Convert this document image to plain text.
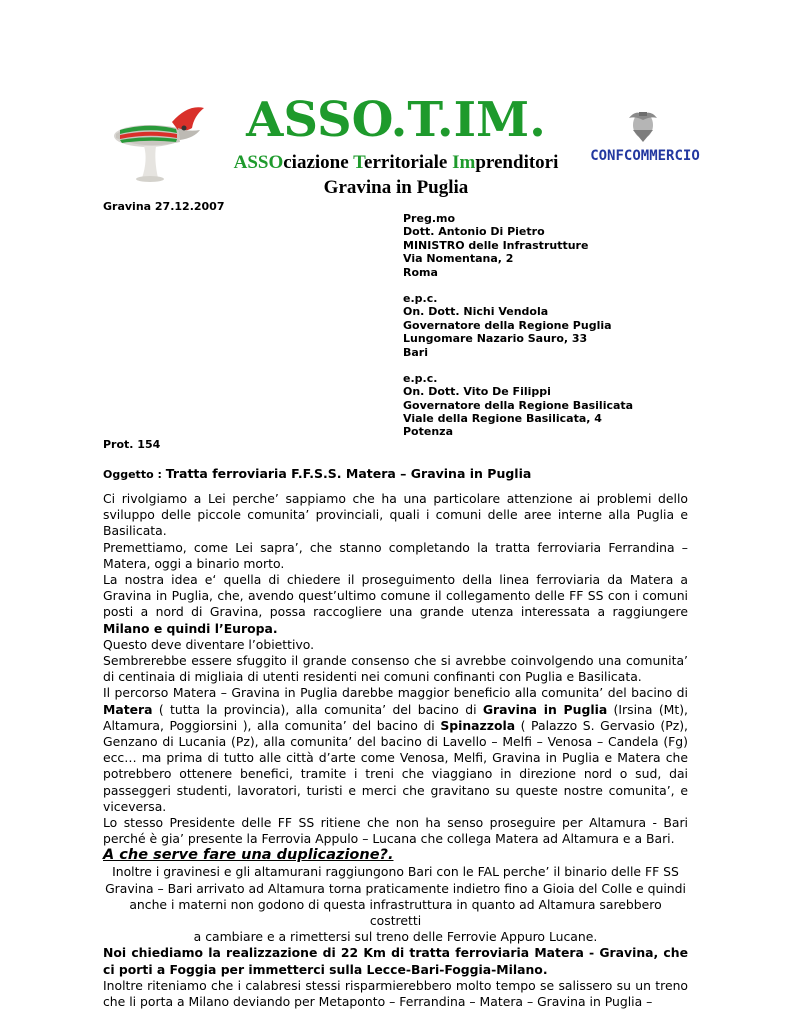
ASSO.T.IM.
ASSOciazione Territoriale Imprenditori
Gravina in Puglia
CONFCOMMERCIO
Gravina 27.12.2007
Preg.mo
Dott. Antonio Di Pietro
MINISTRO delle Infrastrutture
Via Nomentana, 2
Roma
e.p.c.
On. Dott. Nichi Vendola
Governatore della Regione Puglia
Lungomare Nazario Sauro, 33
Bari
e.p.c.
On. Dott. Vito De Filippi
Governatore della Regione Basilicata
Viale della Regione Basilicata, 4
Potenza
Prot. 154
Oggetto : Tratta ferroviaria F.F.S.S. Matera – Gravina in Puglia

Ci rivolgiamo a Lei perche’ sappiamo che ha una particolare attenzione ai problemi dello sviluppo delle piccole comunita’ provinciali, quali i comuni delle aree interne alla Puglia e Basilicata.

Premettiamo, come Lei sapra’, che stanno completando la tratta ferroviaria Ferrandina – Matera, oggi a binario morto.

La nostra idea e‘ quella di chiedere il proseguimento della linea ferroviaria da Matera a Gravina in Puglia, che, avendo quest’ultimo comune il collegamento delle FF SS con i comuni posti a nord di Gravina, possa raccogliere una grande utenza interessata a raggiungere Milano e quindi l’Europa.

Questo deve diventare l’obiettivo.

Sembrerebbe essere sfuggito il grande consenso che si avrebbe coinvolgendo una comunita’ di centinaia di migliaia di utenti residenti nei comuni confinanti con Puglia e Basilicata.

Il percorso Matera – Gravina in Puglia darebbe maggior beneficio alla comunita’ del bacino di Matera ( tutta la provincia), alla comunita’ del bacino di Gravina in Puglia (Irsina (Mt), Altamura, Poggiorsini ), alla comunita’ del bacino di Spinazzola ( Palazzo S. Gervasio (Pz), Genzano di Lucania (Pz), alla comunita’ del bacino di Lavello – Melfi – Venosa – Candela (Fg) ecc… ma prima di tutto alle città d’arte come Venosa, Melfi, Gravina in Puglia e Matera che potrebbero ottenere benefici, tramite i treni che viaggiano in direzione nord o sud, dai passeggeri studenti, lavoratori, turisti e merci che gravitano su queste nostre comunita’, e viceversa.

Lo stesso Presidente delle FF SS ritiene che non ha senso proseguire per Altamura - Bari perché è gia’ presente la Ferrovia Appulo – Lucana che collega Matera ad Altamura e a Bari.

A che serve fare una duplicazione?.

Inoltre i gravinesi e gli altamurani raggiungono Bari con le FAL perche’ il binario delle FF SS

Gravina – Bari arrivato ad Altamura torna praticamente indietro fino a Gioia del Colle e quindi

anche i materni non godono di questa infrastruttura in quanto ad Altamura sarebbero costretti

a cambiare e a rimettersi sul treno delle Ferrovie Appuro Lucane.

Noi chiediamo la realizzazione di 22 Km di tratta ferroviaria Matera - Gravina, che ci porti a Foggia per immetterci sulla Lecce-Bari-Foggia-Milano.

Inoltre riteniamo che i calabresi stessi risparmierebbero molto tempo se salissero su un treno che li porta a Milano deviando per Metaponto – Ferrandina – Matera – Gravina in Puglia –
